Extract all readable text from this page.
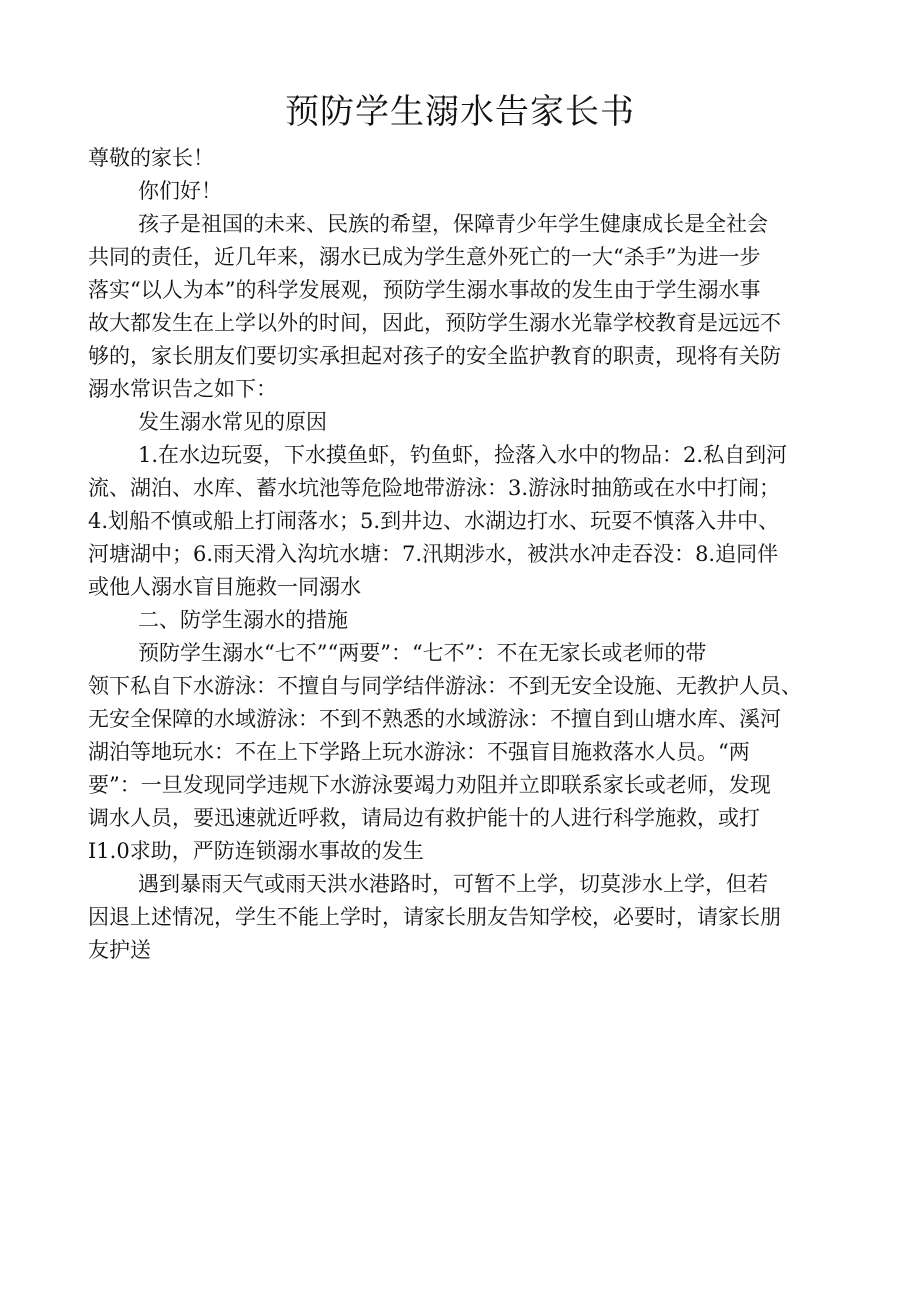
预防学生溺水告家长书
尊敬的家长！
你们好！
孩子是祖国的未来、民族的希望，保障青少年学生健康成长是全社会
共同的责任，近几年来，溺水已成为学生意外死亡的一大“杀手”为进一步
落实“以人为本”的科学发展观，预防学生溺水事故的发生由于学生溺水事
故大都发生在上学以外的时间，因此，预防学生溺水光靠学校教育是远远不
够的，家长朋友们要切实承担起对孩子的安全监护教育的职责，现将有关防
溺水常识告之如下：
发生溺水常见的原因
1.在水边玩耍，下水摸鱼虾，钓鱼虾，捡落入水中的物品：2.私自到河
流、湖泊、水库、蓄水坑池等危险地带游泳：3.游泳时抽筋或在水中打闹；
4.划船不慎或船上打闹落水；5.到井边、水湖边打水、玩耍不慎落入井中、
河塘湖中；6.雨天滑入沟坑水塘：7.汛期涉水，被洪水冲走吞没：8.追同伴
或他人溺水盲目施救一同溺水
二、防学生溺水的措施
预防学生溺水“七不”“两要”：“七不”：不在无家长或老师的带
领下私自下水游泳：不擅自与同学结伴游泳：不到无安全设施、无教护人员、
无安全保障的水域游泳：不到不熟悉的水域游泳：不擅自到山塘水库、溪河
湖泊等地玩水：不在上下学路上玩水游泳：不强盲目施救落水人员。“两
要”：一旦发现同学违规下水游泳要竭力劝阻并立即联系家长或老师，发现
调水人员，要迅速就近呼救，请局边有救护能十的人进行科学施救，或打
I1.0求助，严防连锁溺水事故的发生
遇到暴雨天气或雨天洪水港路时，可暂不上学，切莫涉水上学，但若
因退上述情况，学生不能上学时，请家长朋友告知学校，必要时，请家长朋
友护送
